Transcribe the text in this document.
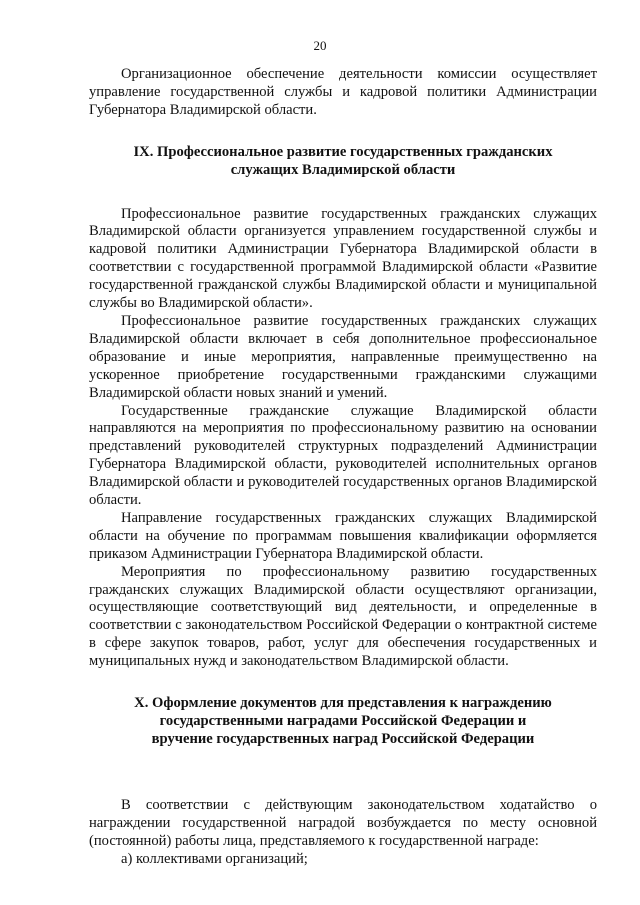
20

Организационное обеспечение деятельности комиссии осуществляет управление государственной службы и кадровой политики Администрации Губернатора Владимирской области.

IX. Профессиональное развитие государственных гражданских служащих Владимирской области

Профессиональное развитие государственных гражданских служащих Владимирской области организуется управлением государственной службы и кадровой политики Администрации Губернатора Владимирской области в соответствии с государственной программой Владимирской области «Развитие государственной гражданской службы Владимирской области и муниципальной службы во Владимирской области».

Профессиональное развитие государственных гражданских служащих Владимирской области включает в себя дополнительное профессиональное образование и иные мероприятия, направленные преимущественно на ускоренное приобретение государственными гражданскими служащими Владимирской области новых знаний и умений.

Государственные гражданские служащие Владимирской области направляются на мероприятия по профессиональному развитию на основании представлений руководителей структурных подразделений Администрации Губернатора Владимирской области, руководителей исполнительных органов Владимирской области и руководителей государственных органов Владимирской области.

Направление государственных гражданских служащих Владимирской области на обучение по программам повышения квалификации оформляется приказом Администрации Губернатора Владимирской области.

Мероприятия по профессиональному развитию государственных гражданских служащих Владимирской области осуществляют организации, осуществляющие соответствующий вид деятельности, и определенные в соответствии с законодательством Российской Федерации о контрактной системе в сфере закупок товаров, работ, услуг для обеспечения государственных и муниципальных нужд и законодательством Владимирской области.

X. Оформление документов для представления к награждению государственными наградами Российской Федерации и вручение государственных наград Российской Федерации

В соответствии с действующим законодательством ходатайство о награждении государственной наградой возбуждается по месту основной (постоянной) работы лица, представляемого к государственной награде:

а) коллективами организаций;
